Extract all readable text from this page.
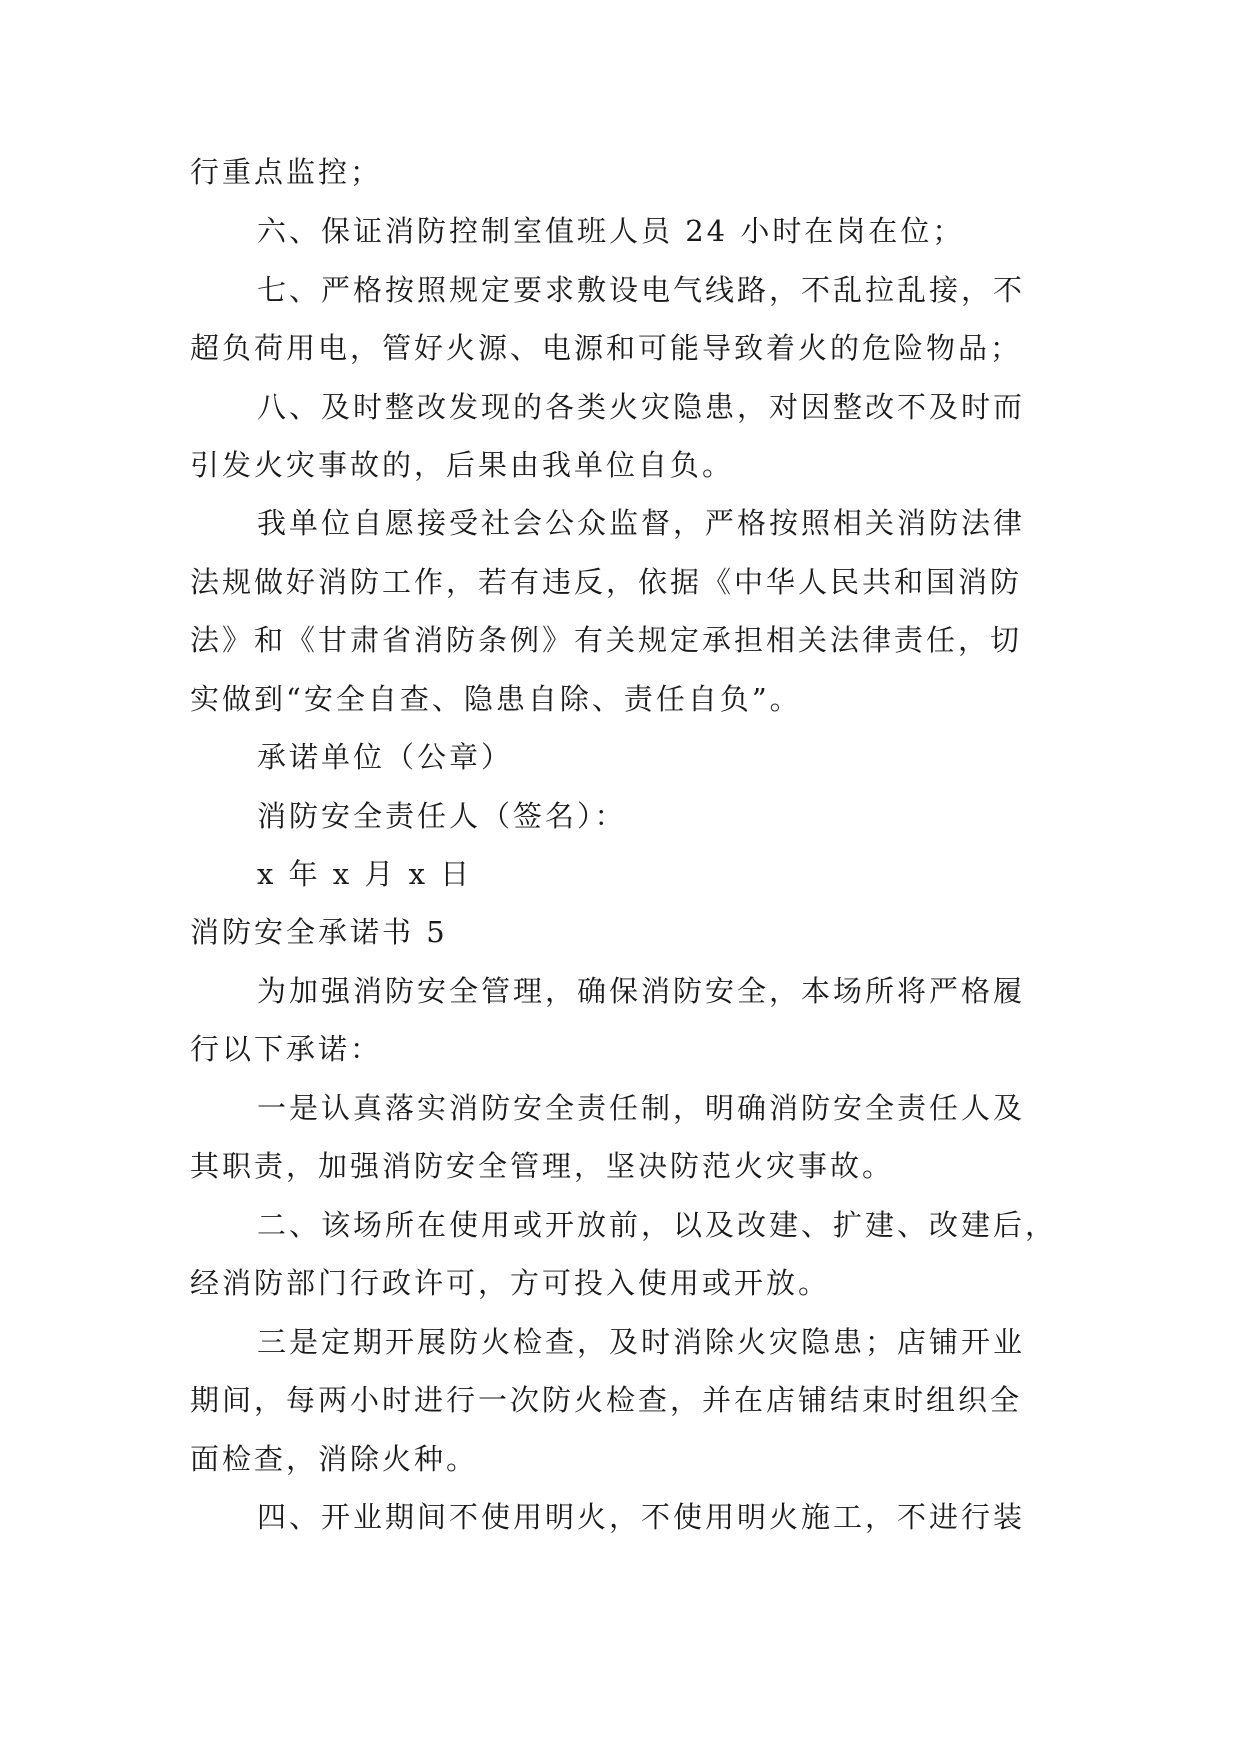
行重点监控；
六、保证消防控制室值班人员 24 小时在岗在位；
七、严格按照规定要求敷设电气线路，不乱拉乱接，不
超负荷用电，管好火源、电源和可能导致着火的危险物品；
八、及时整改发现的各类火灾隐患，对因整改不及时而
引发火灾事故的，后果由我单位自负。
我单位自愿接受社会公众监督，严格按照相关消防法律
法规做好消防工作，若有违反，依据《中华人民共和国消防
法》和《甘肃省消防条例》有关规定承担相关法律责任，切
实做到“安全自查、隐患自除、责任自负”。
承诺单位（公章）
消防安全责任人（签名）：
x 年 x 月 x 日
消防安全承诺书 5
为加强消防安全管理，确保消防安全，本场所将严格履
行以下承诺：
一是认真落实消防安全责任制，明确消防安全责任人及
其职责，加强消防安全管理，坚决防范火灾事故。
二、该场所在使用或开放前，以及改建、扩建、改建后，
经消防部门行政许可，方可投入使用或开放。
三是定期开展防火检查，及时消除火灾隐患；店铺开业
期间，每两小时进行一次防火检查，并在店铺结束时组织全
面检查，消除火种。
四、开业期间不使用明火，不使用明火施工，不进行装
